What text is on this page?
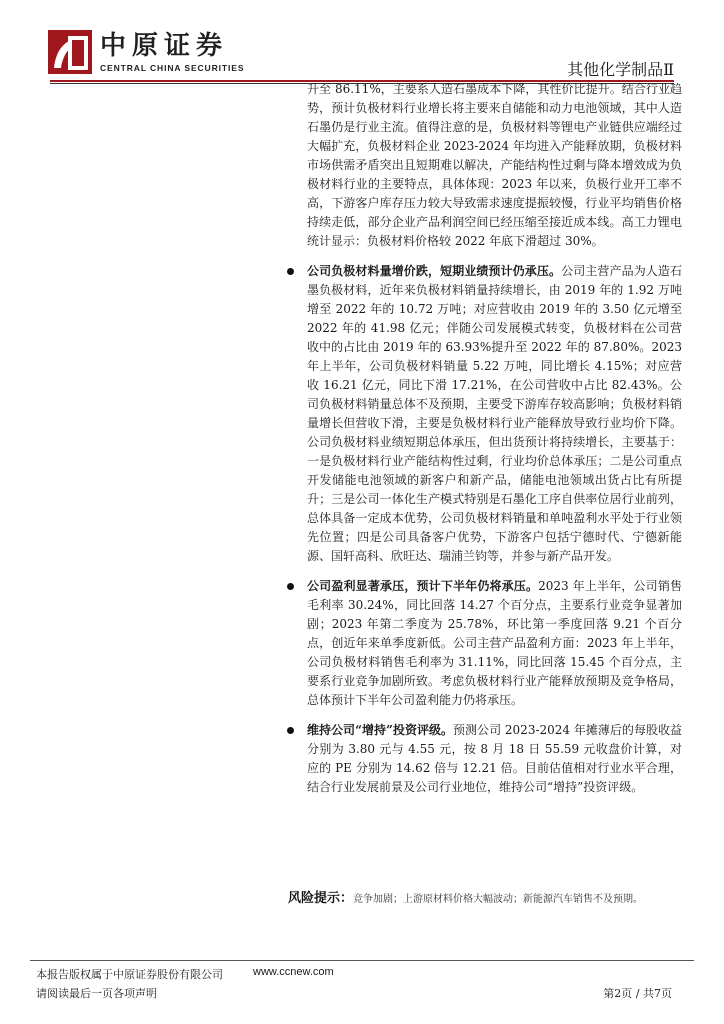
中原证券
CENTRAL CHINA SECURITIES	其他化学制品Ⅱ

升至 86.11%，主要系人造石墨成本下降，其性价比提升。结合行业趋势，预计负极材料行业增长将主要来自储能和动力电池领域，其中人造石墨仍是行业主流。值得注意的是，负极材料等锂电产业链供应端经过大幅扩充，负极材料企业 2023-2024 年均进入产能释放期，负极材料市场供需矛盾突出且短期难以解决，产能结构性过剩与降本增效成为负极材料行业的主要特点，具体体现：2023 年以来，负极行业开工率不高，下游客户库存压力较大导致需求速度提振较慢，行业平均销售价格持续走低，部分企业产品利润空间已经压缩至接近成本线。高工力锂电统计显示：负极材料价格较 2022 年底下滑超过 30%。

公司负极材料量增价跌，短期业绩预计仍承压。公司主营产品为人造石墨负极材料，近年来负极材料销量持续增长，由 2019 年的 1.92 万吨增至 2022 年的 10.72 万吨；对应营收由 2019 年的 3.50 亿元增至 2022 年的 41.98 亿元；伴随公司发展模式转变，负极材料在公司营收中的占比由 2019 年的 63.93%提升至 2022 年的 87.80%。2023 年上半年，公司负极材料销量 5.22 万吨，同比增长 4.15%；对应营收 16.21 亿元，同比下滑 17.21%，在公司营收中占比 82.43%。公司负极材料销量总体不及预期，主要受下游库存较高影响；负极材料销量增长但营收下滑，主要是负极材料行业产能释放导致行业均价下降。公司负极材料业绩短期总体承压，但出货预计将持续增长，主要基于：一是负极材料行业产能结构性过剩，行业均价总体承压；二是公司重点开发储能电池领域的新客户和新产品，储能电池领域出货占比有所提升；三是公司一体化生产模式特别是石墨化工序自供率位居行业前列，总体具备一定成本优势，公司负极材料销量和单吨盈利水平处于行业领先位置；四是公司具备客户优势，下游客户包括宁德时代、宁德新能源、国轩高科、欣旺达、瑞浦兰钧等，并参与新产品开发。

公司盈利显著承压，预计下半年仍将承压。2023 年上半年，公司销售毛利率 30.24%，同比回落 14.27 个百分点，主要系行业竞争显著加剧；2023 年第二季度为 25.78%，环比第一季度回落 9.21 个百分点，创近年来单季度新低。公司主营产品盈利方面：2023 年上半年，公司负极材料销售毛利率为 31.11%，同比回落 15.45 个百分点，主要系行业竞争加剧所致。考虑负极材料行业产能释放预期及竞争格局，总体预计下半年公司盈利能力仍将承压。

维持公司“增持”投资评级。预测公司 2023-2024 年摊薄后的每股收益分别为 3.80 元与 4.55 元，按 8 月 18 日 55.59 元收盘价计算，对应的 PE 分别为 14.62 倍与 12.21 倍。目前估值相对行业水平合理，结合行业发展前景及公司行业地位，维持公司“增持”投资评级。

风险提示：竞争加剧；上游原材料价格大幅波动；新能源汽车销售不及预期。
本报告版权属于中原证券股份有限公司	www.ccnew.com
请阅读最后一页各项声明	第2页 / 共7页
